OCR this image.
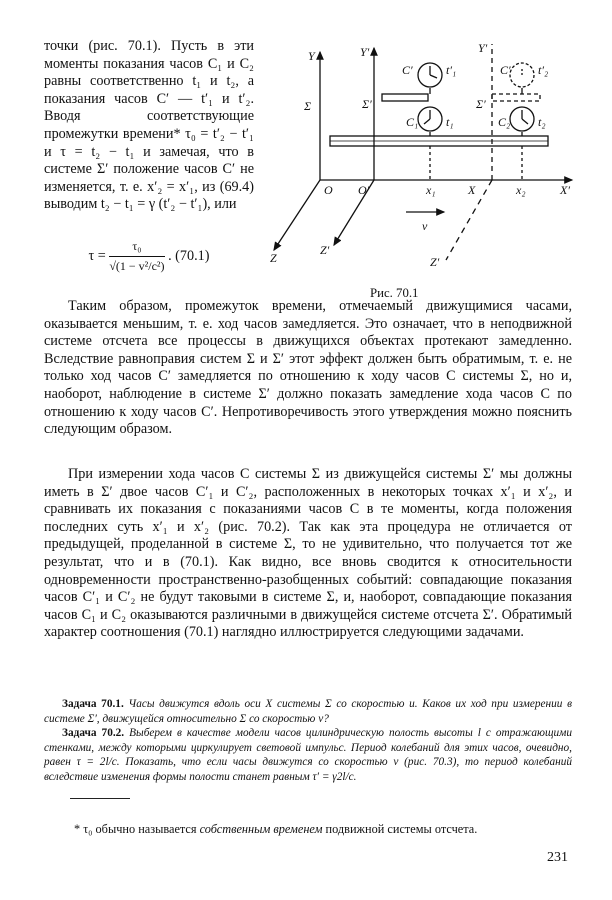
точки (рис. 70.1). Пусть в эти моменты показания часов C₁ и C₂ равны соответственно t₁ и t₂, а показания часов C′ — t′₁ и t′₂. Вводя соответствующие промежутки времени* τ₀ = t′₂ − t′₁ и τ = t₂ − t₁ и замечая, что в системе Σ′ положение часов C′ не изменяется, т. е. x′₂ = x′₁, из (69.4) выводим t₂ − t₁ = γ (t′₂ − t′₁), или

$\tau = \frac{\text{τ₀}}{\text{√(1 − v²/c²)}}$ . (70.1)
Y	Y′	Y′
Σ	Σ′	Σ′
C′	t′₁	C′ t′₂
C₁ t₁	C₂ t₂
O O′	x₁	X	x₂	X′
v
Z
Z′
Z′
Рис. 70.1

Таким образом, промежуток времени, отмечаемый движущимися часами, оказывается меньшим, т. е. ход часов замедляется. Это означает, что в неподвижной системе отсчета все процессы в движущихся объектах протекают замедленно. Вследствие равноправия систем Σ и Σ′ этот эффект должен быть обратимым, т. е. не только ход часов C′ замедляется по отношению к ходу часов C системы Σ, но и, наоборот, наблюдение в системе Σ′ должно показать замедление хода часов C по отношению к ходу часов C′. Непротиворечивость этого утверждения можно пояснить следующим образом.

При измерении хода часов C системы Σ из движущейся системы Σ′ мы должны иметь в Σ′ двое часов C′₁ и C′₂, расположенных в некоторых точках x′₁ и x′₂, и сравнивать их показания с показаниями часов C в те моменты, когда положения последних суть x′₁ и x′₂ (рис. 70.2). Так как эта процедура не отличается от предыдущей, проделанной в системе Σ, то не удивительно, что получается тот же результат, что и в (70.1). Как видно, все вновь сводится к относительности одновременности пространственно-разобщенных событий: совпадающие показания часов C′₁ и C′₂ не будут таковыми в системе Σ, и, наоборот, совпадающие показания часов C₁ и C₂ оказываются различными в движущейся системе отсчета Σ′. Обратимый характер соотношения (70.1) наглядно иллюстрируется следующими задачами.

Задача 70.1. Часы движутся вдоль оси X системы Σ со скоростью u. Каков их ход при измерении в системе Σ′, движущейся относительно Σ со скоростью v?

Задача 70.2. Выберем в качестве модели часов цилиндрическую полость высоты l с отражающими стенками, между которыми циркулирует световой импульс. Период колебаний для этих часов, очевидно, равен τ = 2l/c. Показать, что если часы движутся со скоростью v (рис. 70.3), то период колебаний вследствие изменения формы полости станет равным τ′ = γ2l/c.

* τ₀ обычно называется собственным временем подвижной системы отсчета.
231
